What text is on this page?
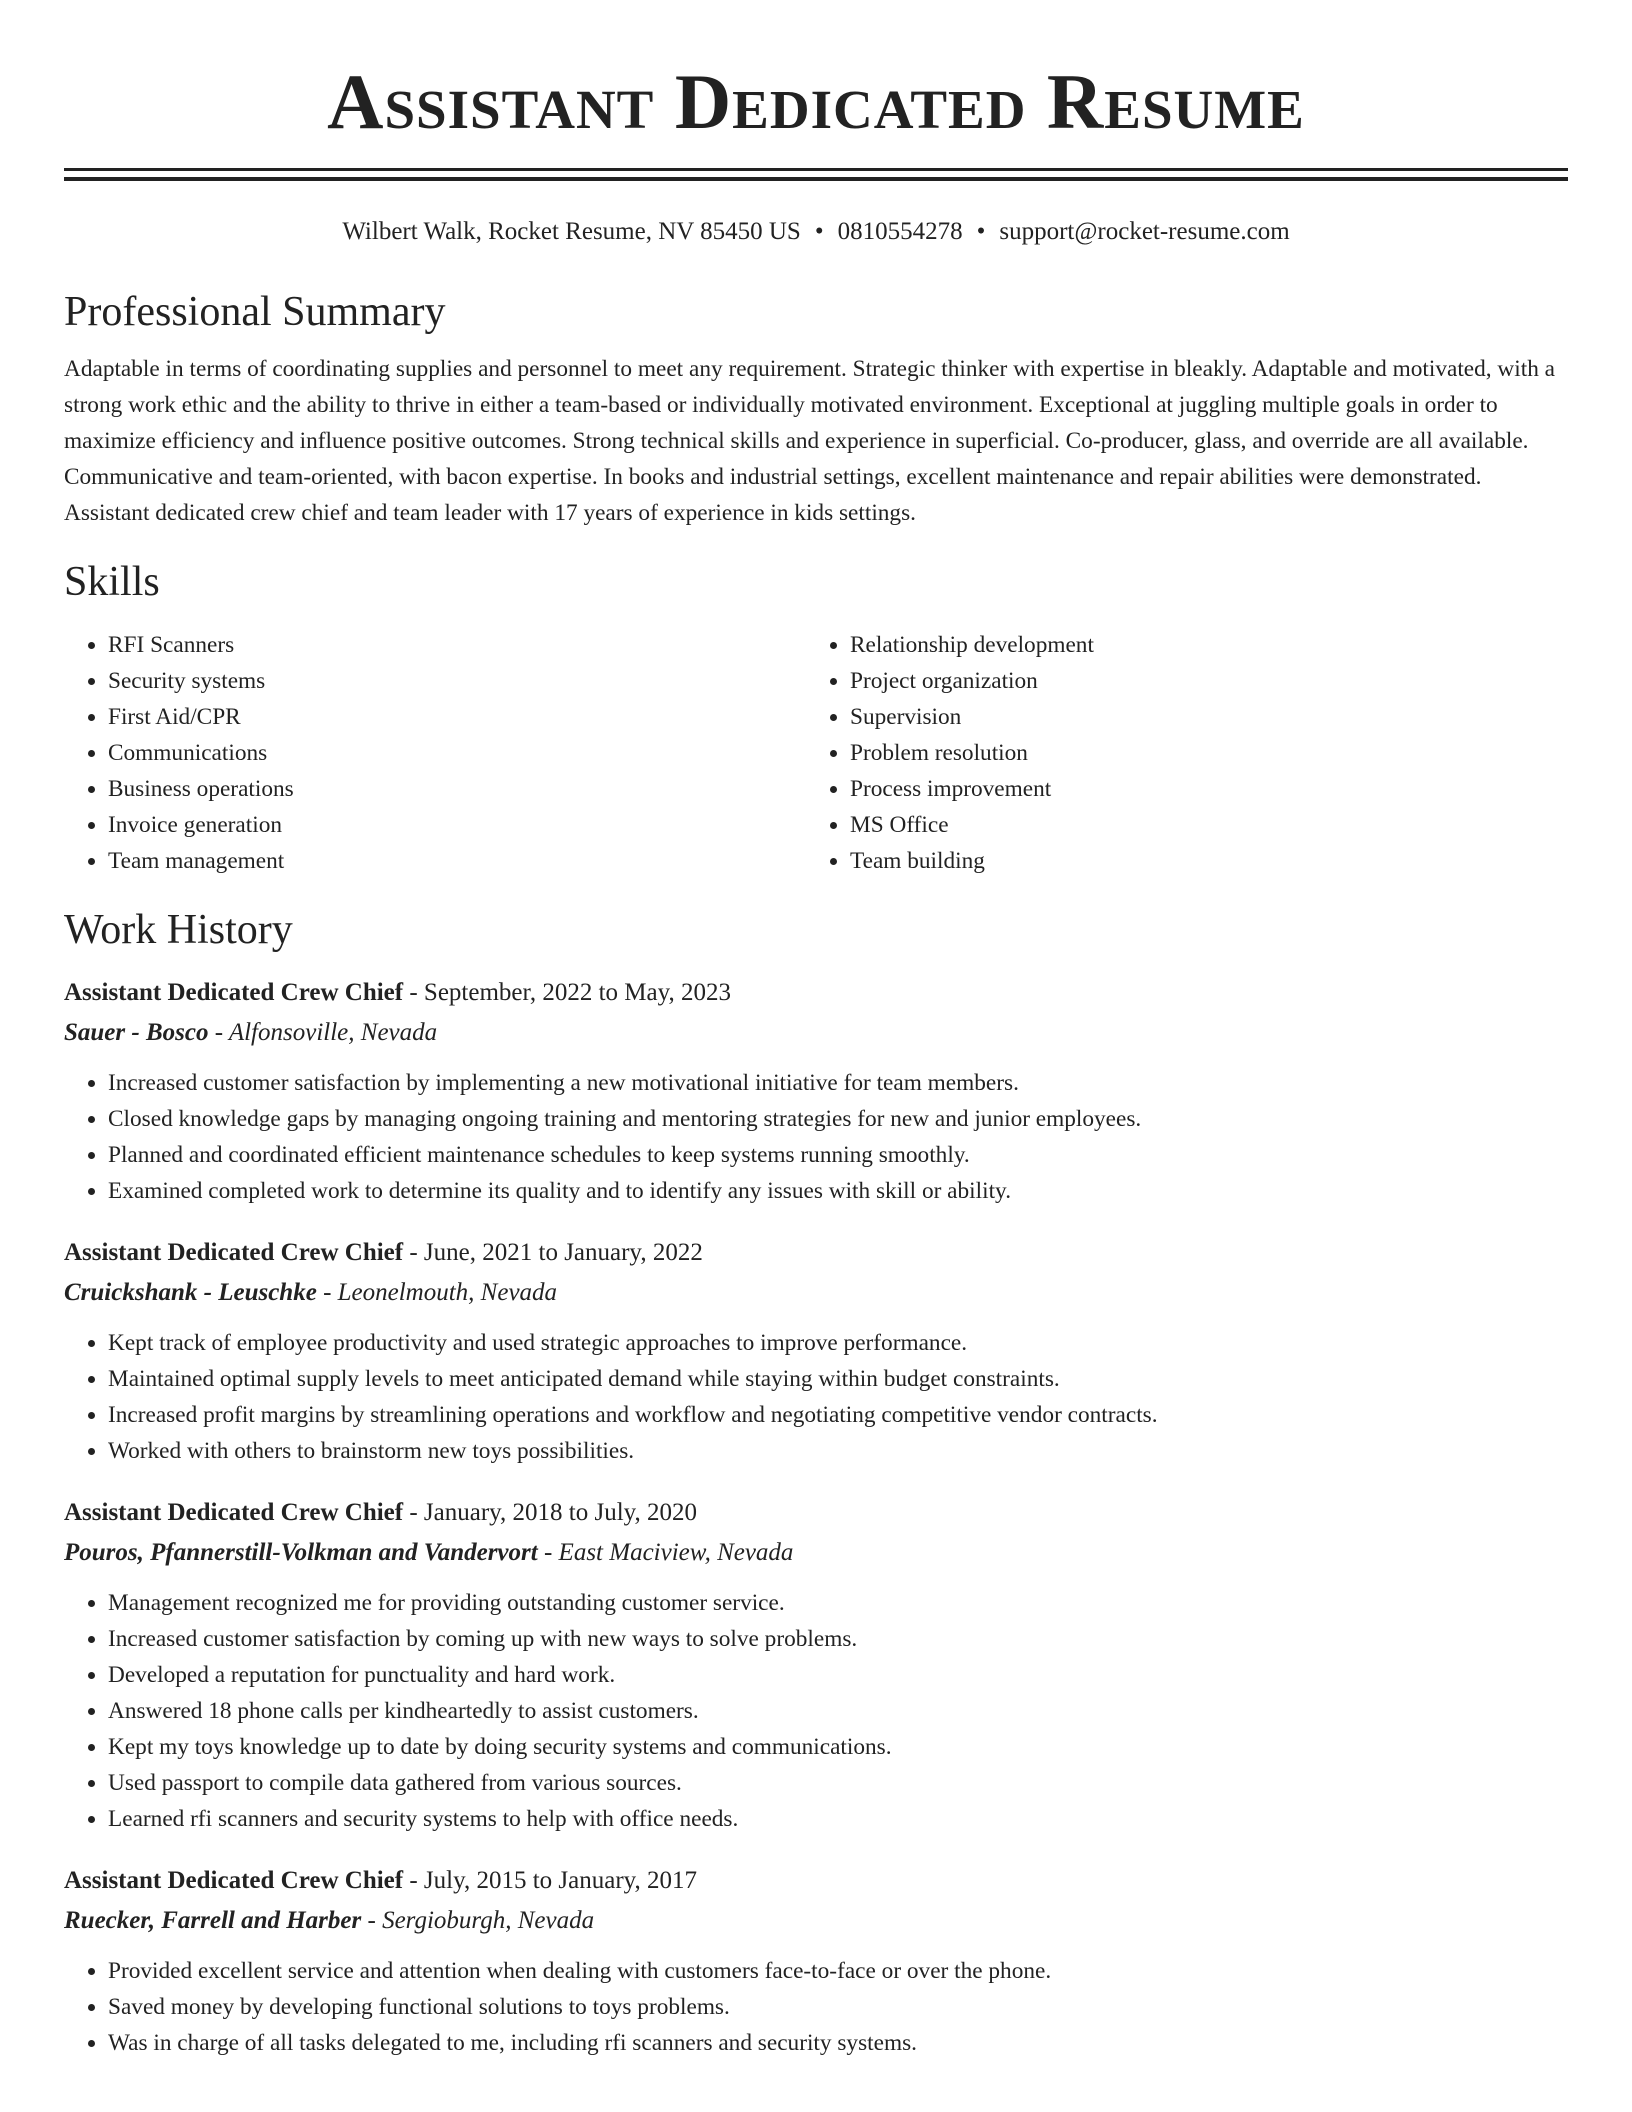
Assistant Dedicated Resume
Wilbert Walk, Rocket Resume, NV 85450 US • 0810554278 • support@rocket-resume.com
Professional Summary
Adaptable in terms of coordinating supplies and personnel to meet any requirement. Strategic thinker with expertise in bleakly. Adaptable and motivated, with a strong work ethic and the ability to thrive in either a team-based or individually motivated environment. Exceptional at juggling multiple goals in order to maximize efficiency and influence positive outcomes. Strong technical skills and experience in superficial. Co-producer, glass, and override are all available. Communicative and team-oriented, with bacon expertise. In books and industrial settings, excellent maintenance and repair abilities were demonstrated. Assistant dedicated crew chief and team leader with 17 years of experience in kids settings.
Skills
• RFI Scanners
• Security systems
• First Aid/CPR
• Communications
• Business operations
• Invoice generation
• Team management
• Relationship development
• Project organization
• Supervision
• Problem resolution
• Process improvement
• MS Office
• Team building
Work History
Assistant Dedicated Crew Chief - September, 2022 to May, 2023
Sauer - Bosco - Alfonsoville, Nevada
• Increased customer satisfaction by implementing a new motivational initiative for team members.
• Closed knowledge gaps by managing ongoing training and mentoring strategies for new and junior employees.
• Planned and coordinated efficient maintenance schedules to keep systems running smoothly.
• Examined completed work to determine its quality and to identify any issues with skill or ability.
Assistant Dedicated Crew Chief - June, 2021 to January, 2022
Cruickshank - Leuschke - Leonelmouth, Nevada
• Kept track of employee productivity and used strategic approaches to improve performance.
• Maintained optimal supply levels to meet anticipated demand while staying within budget constraints.
• Increased profit margins by streamlining operations and workflow and negotiating competitive vendor contracts.
• Worked with others to brainstorm new toys possibilities.
Assistant Dedicated Crew Chief - January, 2018 to July, 2020
Pouros, Pfannerstill-Volkman and Vandervort - East Maciview, Nevada
• Management recognized me for providing outstanding customer service.
• Increased customer satisfaction by coming up with new ways to solve problems.
• Developed a reputation for punctuality and hard work.
• Answered 18 phone calls per kindheartedly to assist customers.
• Kept my toys knowledge up to date by doing security systems and communications.
• Used passport to compile data gathered from various sources.
• Learned rfi scanners and security systems to help with office needs.
Assistant Dedicated Crew Chief - July, 2015 to January, 2017
Ruecker, Farrell and Harber - Sergioburgh, Nevada
• Provided excellent service and attention when dealing with customers face-to-face or over the phone.
• Saved money by developing functional solutions to toys problems.
• Was in charge of all tasks delegated to me, including rfi scanners and security systems.
